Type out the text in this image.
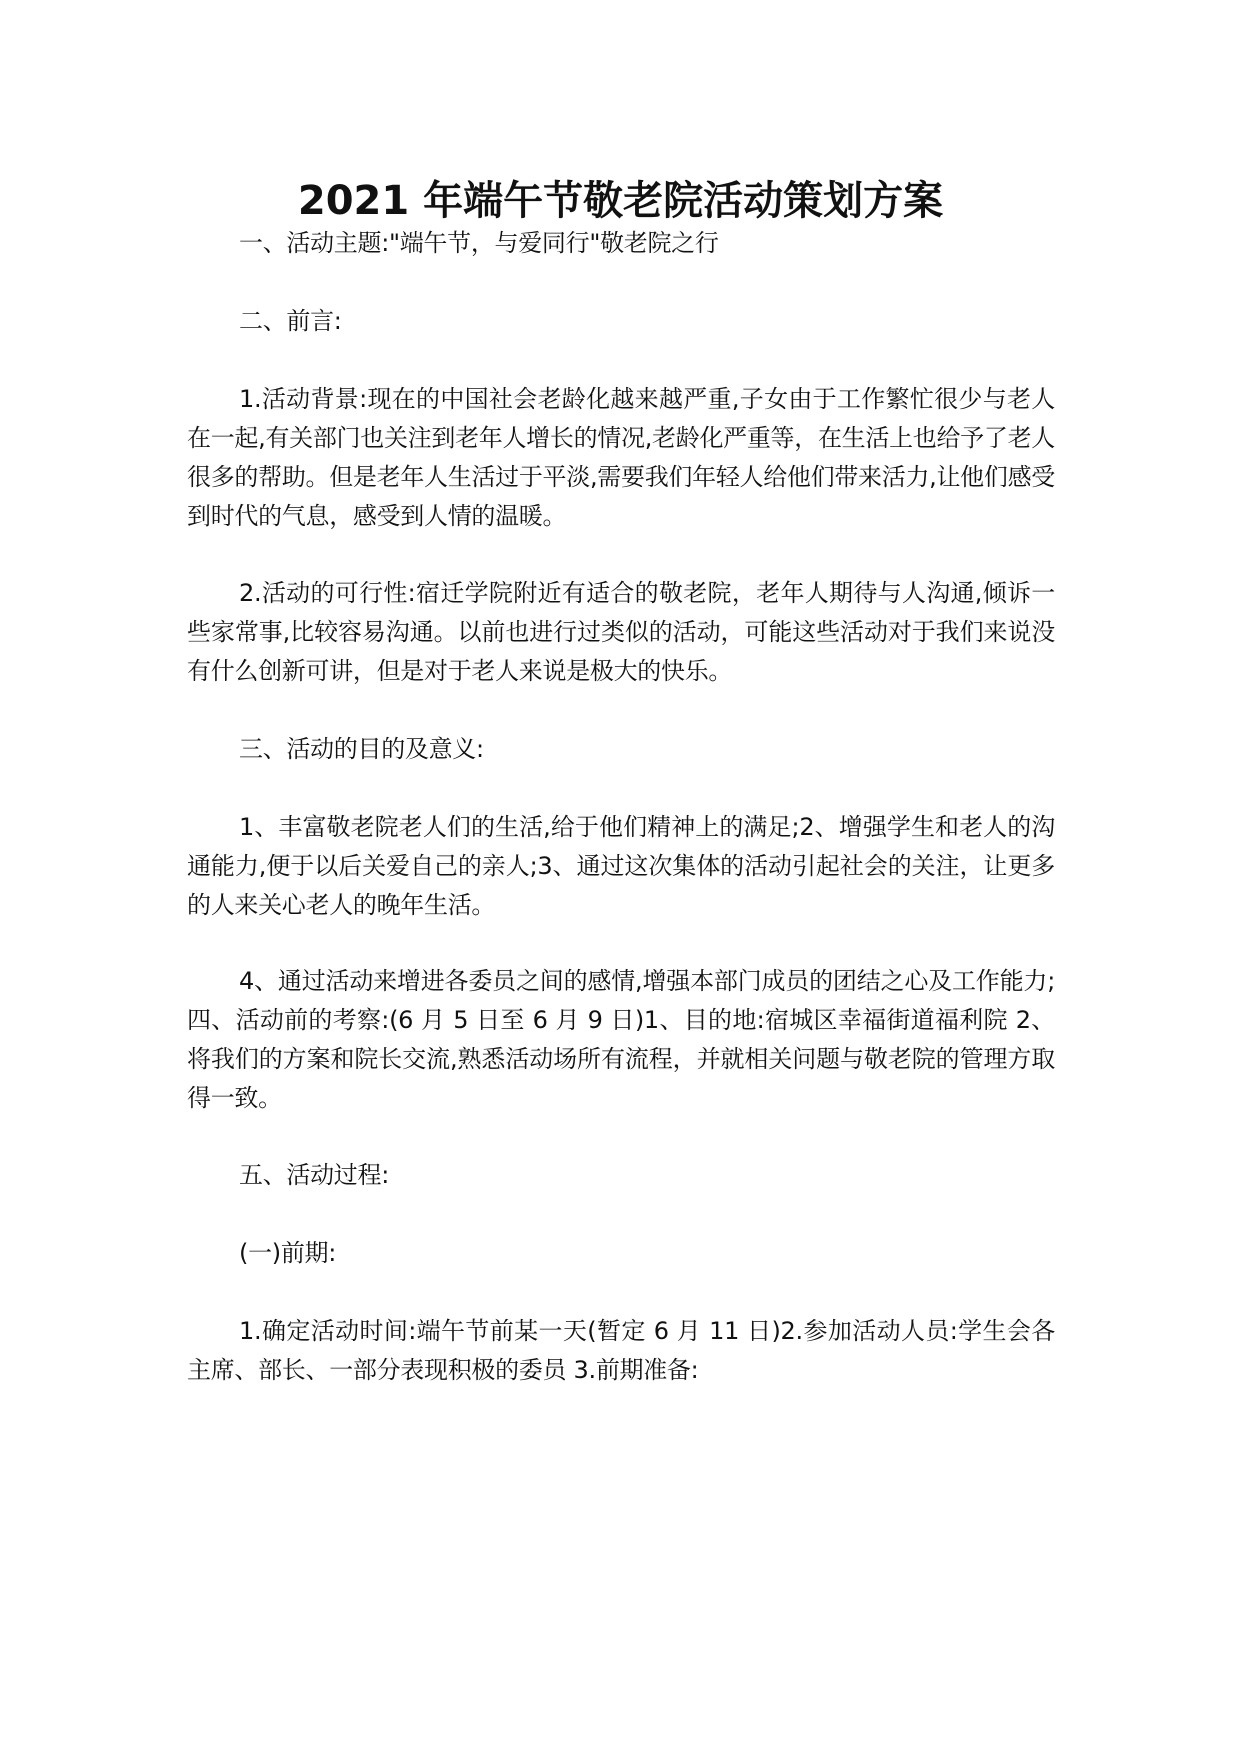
2021 年端午节敬老院活动策划方案

一、活动主题:"端午节，与爱同行"敬老院之行

二、前言:

1.活动背景:现在的中国社会老龄化越来越严重,子女由于工作繁忙很少与老人在一起,有关部门也关注到老年人增长的情况,老龄化严重等，在生活上也给予了老人很多的帮助。但是老年人生活过于平淡,需要我们年轻人给他们带来活力,让他们感受到时代的气息，感受到人情的温暖。

2.活动的可行性:宿迁学院附近有适合的敬老院，老年人期待与人沟通,倾诉一些家常事,比较容易沟通。以前也进行过类似的活动，可能这些活动对于我们来说没有什么创新可讲，但是对于老人来说是极大的快乐。

三、活动的目的及意义:

1、丰富敬老院老人们的生活,给于他们精神上的满足;2、增强学生和老人的沟通能力,便于以后关爱自己的亲人;3、通过这次集体的活动引起社会的关注，让更多的人来关心老人的晚年生活。

4、通过活动来增进各委员之间的感情,增强本部门成员的团结之心及工作能力;四、活动前的考察:(6 月 5 日至 6 月 9 日)1、目的地:宿城区幸福街道福利院 2、将我们的方案和院长交流,熟悉活动场所有流程，并就相关问题与敬老院的管理方取得一致。

五、活动过程:

(一)前期:

1.确定活动时间:端午节前某一天(暂定 6 月 11 日)2.参加活动人员:学生会各主席、部长、一部分表现积极的委员 3.前期准备:
